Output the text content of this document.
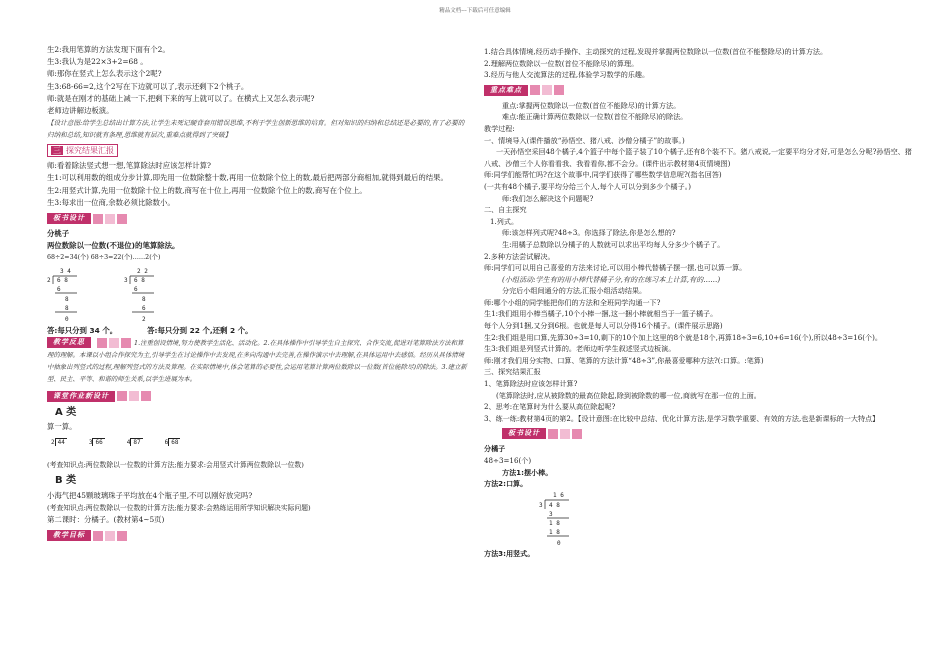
精品文档---下载后可任意编辑
生2:我用笔算的方法发现下面有个2。
生3:我认为是22×3+2=68 。
师:那你在竖式上怎么表示这个2呢?
生3:68-66=2,这个2写在下边就可以了,表示还剩下2个桃子。
师:就是在刚才的基础上减一下,把剩下来的写上就可以了。在横式上又怎么表示呢?
老师边讲解边板演。
【设计意图:给学生总结出计算方法,让学生未死记硬背套用错误思维,不利于学生创新思维的培育。但对知识的归纳和总结还是必要的,有了必要的归纳和总结,知识就有条理,思维就有层次,重难点就得到了突破】
三 探究结果汇报
师:看着除法竖式想一想,笔算除法时应该怎样计算?
生1:可以利用数的组成分步计算,即先用一位数除整十数,再用一位数除个位上的数,最后把两部分商相加,就得到最后的结果。
生2:用竖式计算,先用一位数除十位上的数,商写在十位上,再用一位数除个位上的数,商写在个位上。
生3:每求出一位商,余数必须比除数小。
板书设计
分桃子
两位数除以一位数(不退位)的笔算除法。
68÷2=34(个) 68÷3=22(个)……2(个)
3 4
2 6 8
6
8
8
0
2 2
3 6 8
6
8
6
2
答:每只分到 34 个。	答:每只分到 22 个,还剩 2 个。
教学反思	1.注重创设情境,努力使教学生活化、活动化。2.在具体操作中引导学生自主探究、合作交流,促进对笔算除法方法和算理的理解。本课以小组合作探究为主,引导学生在讨论操作中去发现,在多向沟通中去完善,在操作演示中去理解,在具体运用中去感悟。经历从具体情境中抽象出列竖式的过程,理解列竖式的方法及算理。在实际情境中,体会笔算的必要性,会运用笔算计算两位数除以一位数(首位能除尽)的除法。3.建立新型、民主、平等、和谐的师生关系,以学生进展为本。
课堂作业新设计
A 类
算一算。
2 44	3 66	4 87	6 68
(考查知识点:两位数除以一位数的计算方法;能力要求:会用竖式计算两位数除以一位数)
B 类
小海气把45颗玻璃珠子平均放在4个瓶子里,不可以刚好放完吗?
(考查知识点:两位数除以一位数的计算方法;能力要求:会熟练运用所学知识解决实际问题)
第二课时：分橘子。(教材第4~5页)
教学目标
1.结合具体情境,经历动手操作、主动探究的过程,发现并掌握两位数除以一位数(首位不能整除尽)的计算方法。
2.理解两位数除以一位数(首位不能除尽)的算理。
3.经历与他人交流算法的过程,体验学习数学的乐趣。
重点难点
重点:掌握两位数除以一位数(首位不能除尽)的计算方法。
难点:能正确计算两位数除以一位数(首位不能除尽)的除法。
教学过程:
一、情境导入(课件播放“孙悟空、猪八戒、沙僧分橘子”的故事。)
一天孙悟空采回48个橘子,4个篮子中每个篮子装了10个橘子,还有8个装不下。猪八戒说,一定要平均分才好,可是怎么分呢?孙悟空、猪八戒、沙僧三个人你看看我、我看看你,都不会分。(课件出示教材第4页情境图)
师:同学们能帮忙吗?在这个故事中,同学们获得了哪些数学信息呢?(指名回答)
(一共有48个橘子,要平均分给三个人,每个人可以分到多少个橘子。)
师:我们怎么解决这个问题呢?
二、自主探究
1.列式。
师:该怎样列式呢?48÷3。你选择了除法,你是怎么想的?
生:用橘子总数除以分橘子的人数就可以求出平均每人分多少个橘子了。
2.多种方法尝试解决。
师:同学们可以用自己喜爱的方法来讨论,可以用小棒代替橘子摆一摆,也可以算一算。
(小组活动:学生有的用小棒代替橘子分,有的在练习本上计算,有的……)
分完后小组间通分的方法,汇报小组活动结果。
师:哪个小组的同学能把你们的方法和全班同学沟通一下?
生1:我们组用小棒当橘子,10个小棒一捆,这一捆小棒就相当于一篮子橘子。
每个人分到1捆,又分到6根。也就是每人可以分得16个橘子。(课件展示思路)
生2:我们组是用口算,先算30÷3=10,剩下的10个加上这里的8个就是18个,再算18÷3=6,10+6=16(个),所以48÷3=16(个)。
生3:我们组是列竖式计算的。老师边听学生叙述竖式边板演。
师:刚才我们用分实物、口算、笔算的方法计算“48÷3”,你最喜爱哪种方法?(:口算。:笔算)
三、探究结果汇报
1、笔算除法时应该怎样计算?
(笔算除法时,应从被除数的最高位除起,除到被除数的哪一位,商就写在那一位的上面。
2、思考:在笔算时为什么要从高位除起呢?
3、练一练:教材第4页的第2。【设计意图:在比较中总结、优化计算方法,是学习数学重要、有效的方法,也是新课标的一大特点】
板书设计
分橘子
48÷3=16(个)
方法1:摆小棒。
方法2:口算。
1 6
3 4 8
3
1 8
1 8
0
方法3:用竖式。
